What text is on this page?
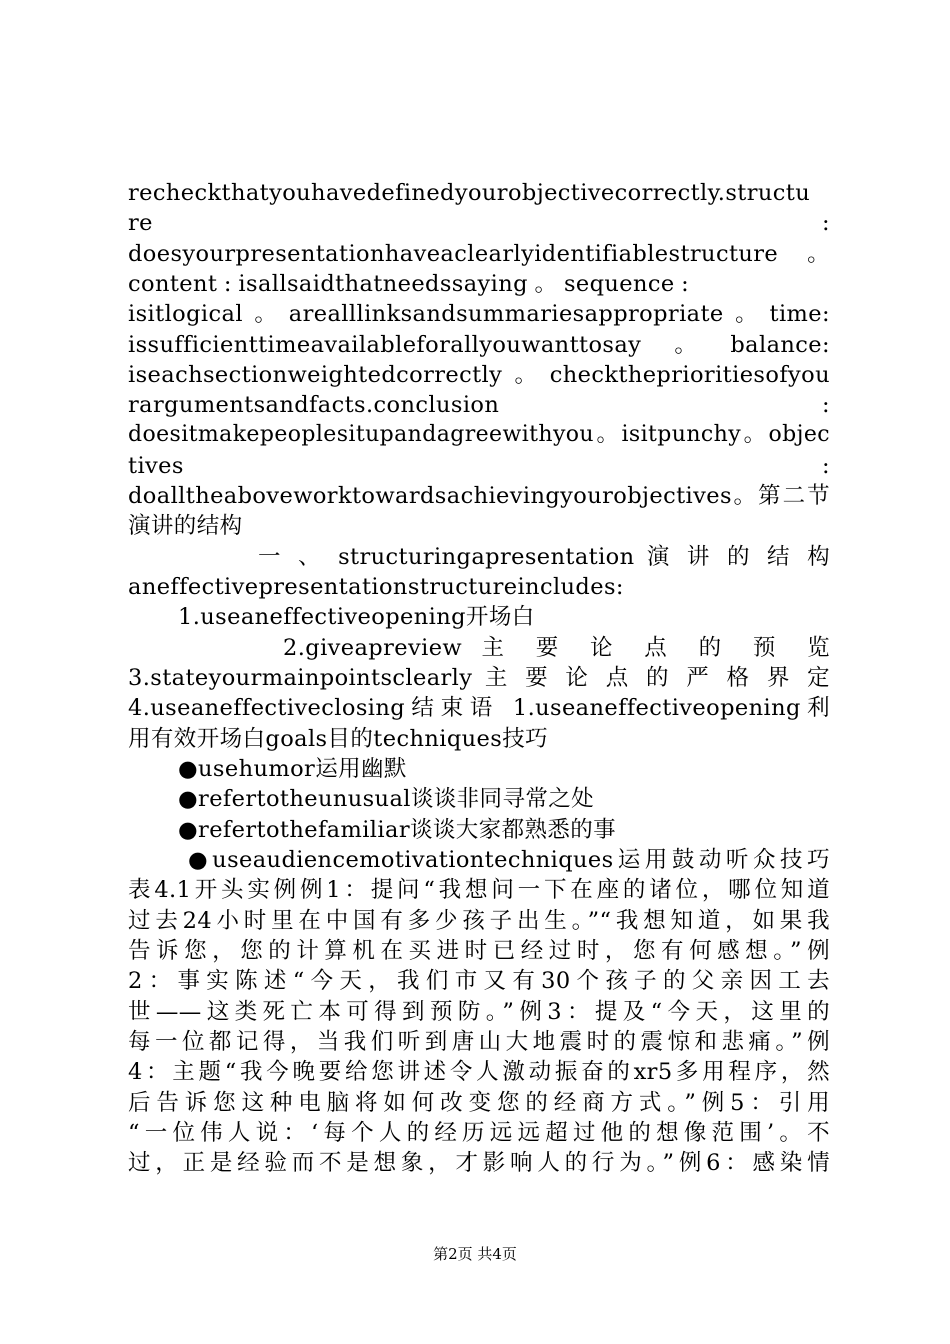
recheckthatyouhavedefinedyourobjectivecorrectly.structu
re	:
doesyourpresentationhaveaclearlyidentifiablestructure。
content : isallsaidthatneedssaying 。 sequence :
isitlogical。arealllinksandsummariesappropriate。time:
issufficienttimeavailableforallyouwanttosay。balance:
iseachsectionweightedcorrectly。checktheprioritiesofyou
rargumentsandfacts.conclusion	:
doesitmakepeoplesitupandagreewithyou。isitpunchy。objec
tives	:
doalltheaboveworktowardsachievingyourobjectives。第二节
演讲的结构
一 、 structuringapresentation 演 讲 的 结 构
aneffectivepresentationstructureincludes:
1.useaneffectiveopening开场白
2.giveapreview 主 要 论 点 的 预 览
3.stateyourmainpointsclearly 主 要 论 点 的 严 格 界 定
4.useaneffectiveclosing结束语 1.useaneffectiveopening利
用有效开场白goals目的techniques技巧
●usehumor运用幽默
●refertotheunusual谈谈非同寻常之处
●refertothefamiliar谈谈大家都熟悉的事
●useaudiencemotivationtechniques运用鼓动听众技巧
表4.1开头实例例1：提问“我想问一下在座的诸位，哪位知道
过去24小时里在中国有多少孩子出生。”“我想知道，如果我
告诉您，您的计算机在买进时已经过时，您有何感想。”例
2：事实陈述“今天，我们市又有30个孩子的父亲因工去
世——这类死亡本可得到预防。”例3：提及“今天，这里的
每一位都记得，当我们听到唐山大地震时的震惊和悲痛。”例
4：主题“我今晚要给您讲述令人激动振奋的xr5多用程序，然
后告诉您这种电脑将如何改变您的经商方式。”例5：引用
“一位伟人说：‘每个人的经历远远超过他的想像范围’。不
过，正是经验而不是想象，才影响人的行为。”例6：感染情
第2页 共4页
